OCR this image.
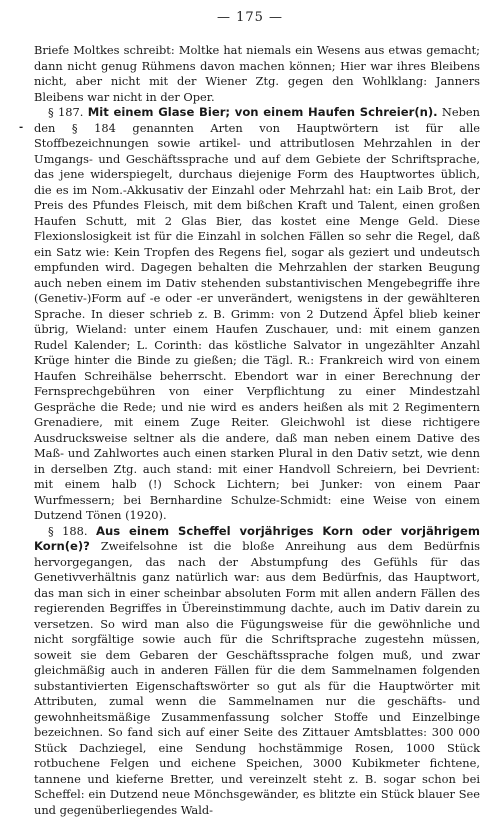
— 175 —
-

Briefe Moltkes schreibt: Moltke hat niemals ein Wesens aus etwas gemacht; dann nicht genug Rühmens davon machen können; Hier war ihres Bleibens nicht, aber nicht mit der Wiener Ztg. gegen den Wohlklang: Janners Bleibens war nicht in der Oper.

§ 187. Mit einem Glase Bier; von einem Haufen Schreier(n). Neben den § 184 genannten Arten von Hauptwörtern ist für alle Stoffbezeichnungen sowie artikel- und attributlosen Mehrzahlen in der Umgangs- und Geschäftssprache und auf dem Gebiete der Schriftsprache, das jene widerspiegelt, durchaus diejenige Form des Hauptwortes üblich, die es im Nom.-Akkusativ der Einzahl oder Mehrzahl hat: ein Laib Brot, der Preis des Pfundes Fleisch, mit dem bißchen Kraft und Talent, einen großen Haufen Schutt, mit 2 Glas Bier, das kostet eine Menge Geld. Diese Flexionslosigkeit ist für die Einzahl in solchen Fällen so sehr die Regel, daß ein Satz wie: Kein Tropfen des Regens fiel, sogar als geziert und undeutsch empfunden wird. Dagegen behalten die Mehrzahlen der starken Beugung auch neben einem im Dativ stehenden substantivischen Mengebegriffe ihre (Genetiv-)Form auf -e oder -er unverändert, wenigstens in der gewählteren Sprache. In dieser schrieb z. B. Grimm: von 2 Dutzend Äpfel blieb keiner übrig, Wieland: unter einem Haufen Zuschauer, und: mit einem ganzen Rudel Kalender; L. Corinth: das köstliche Salvator in ungezählter Anzahl Krüge hinter die Binde zu gießen; die Tägl. R.: Frankreich wird von einem Haufen Schreihälse beherrscht. Ebendort war in einer Berechnung der Fernsprechgebühren von einer Verpflichtung zu einer Mindestzahl Gespräche die Rede; und nie wird es anders heißen als mit 2 Regimentern Grenadiere, mit einem Zuge Reiter. Gleichwohl ist diese richtigere Ausdrucksweise seltner als die andere, daß man neben einem Dative des Maß- und Zahlwortes auch einen starken Plural in den Dativ setzt, wie denn in derselben Ztg. auch stand: mit einer Handvoll Schreiern, bei Devrient: mit einem halb (!) Schock Lichtern; bei Junker: von einem Paar Wurfmessern; bei Bernhardine Schulze-Schmidt: eine Weise von einem Dutzend Tönen (1920).

§ 188. Aus einem Scheffel vorjähriges Korn oder vorjährigem Korn(e)? Zweifelsohne ist die bloße Anreihung aus dem Bedürfnis hervorgegangen, das nach der Abstumpfung des Gefühls für das Genetivverhältnis ganz natürlich war: aus dem Bedürfnis, das Hauptwort, das man sich in einer scheinbar absoluten Form mit allen andern Fällen des regierenden Begriffes in Übereinstimmung dachte, auch im Dativ darein zu versetzen. So wird man also die Fügungsweise für die gewöhnliche und nicht sorgfältige sowie auch für die Schriftsprache zugestehn müssen, soweit sie dem Gebaren der Geschäftssprache folgen muß, und zwar gleichmäßig auch in anderen Fällen für die dem Sammelnamen folgenden substantivierten Eigenschaftswörter so gut als für die Hauptwörter mit Attributen, zumal wenn die Sammelnamen nur die geschäfts- und gewohnheitsmäßige Zusammenfassung solcher Stoffe und Einzelbinge bezeichnen. So fand sich auf einer Seite des Zittauer Amtsblattes: 300 000 Stück Dachziegel, eine Sendung hochstämmige Rosen, 1000 Stück rotbuchene Felgen und eichene Speichen, 3000 Kubikmeter fichtene, tannene und kieferne Bretter, und vereinzelt steht z. B. sogar schon bei Scheffel: ein Dutzend neue Mönchsgewänder, es blitzte ein Stück blauer See und gegenüberliegendes Wald-
